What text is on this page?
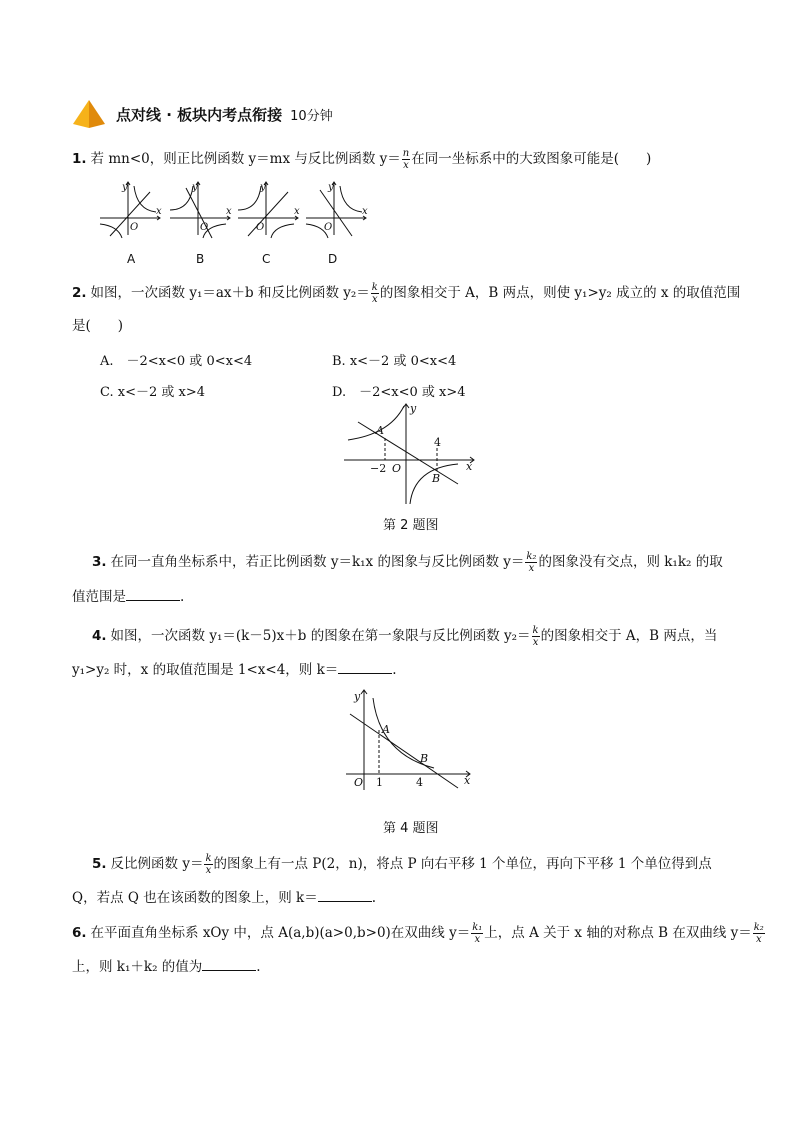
点对线 · 板块内考点衔接 10分钟
1. 若 mn<0，则正比例函数 y＝mx 与反比例函数 $y= \frac{n}{x}$ 在同一坐标系中的大致图象可能是(　　)
y
x
O
y
x
O
y
x
O
y
x
O
A	B	C	D
2. 如图，一次函数 y₁＝ax＋b 和反比例函数 $y_2= \frac{k}{x}$ 的图象相交于 A，B 两点，则使 y₁>y₂ 成立的 x 的取值范围
是(　　)
A.　－2<x<0 或 0<x<4	B. x<－2 或 0<x<4
C. x<－2 或 x>4	D.　－2<x<0 或 x>4
A
B
−2
4
O	x
y
第 2 题图
3. 在同一直角坐标系中，若正比例函数 y＝k₁x 的图象与反比例函数 $y= \frac{\text{k₂}}{x}$ 的图象没有交点，则 k₁k₂ 的取
值范围是	.
4. 如图，一次函数 y₁＝(k－5)x＋b 的图象在第一象限与反比例函数 $y_2= \frac{k}{x}$ 的图象相交于 A，B 两点，当
y₁>y₂ 时，x 的取值范围是 1<x<4，则 k＝	.
A
B
1	4
O	x
y
第 4 题图
5. 反比例函数 $y= \frac{k}{x}$ 的图象上有一点 P(2，n)，将点 P 向右平移 1 个单位，再向下平移 1 个单位得到点
Q，若点 Q 也在该函数的图象上，则 k＝	.
6. 在平面直角坐标系 xOy 中，点 A(a,b)(a>0,b>0)在双曲线 $y= \frac{\text{k₁}}{x}$ 上，点 A 关于 x 轴的对称点 B 在双曲线 $y= \frac{\text{k₂}}{x}$
上，则 k₁＋k₂ 的值为	.
